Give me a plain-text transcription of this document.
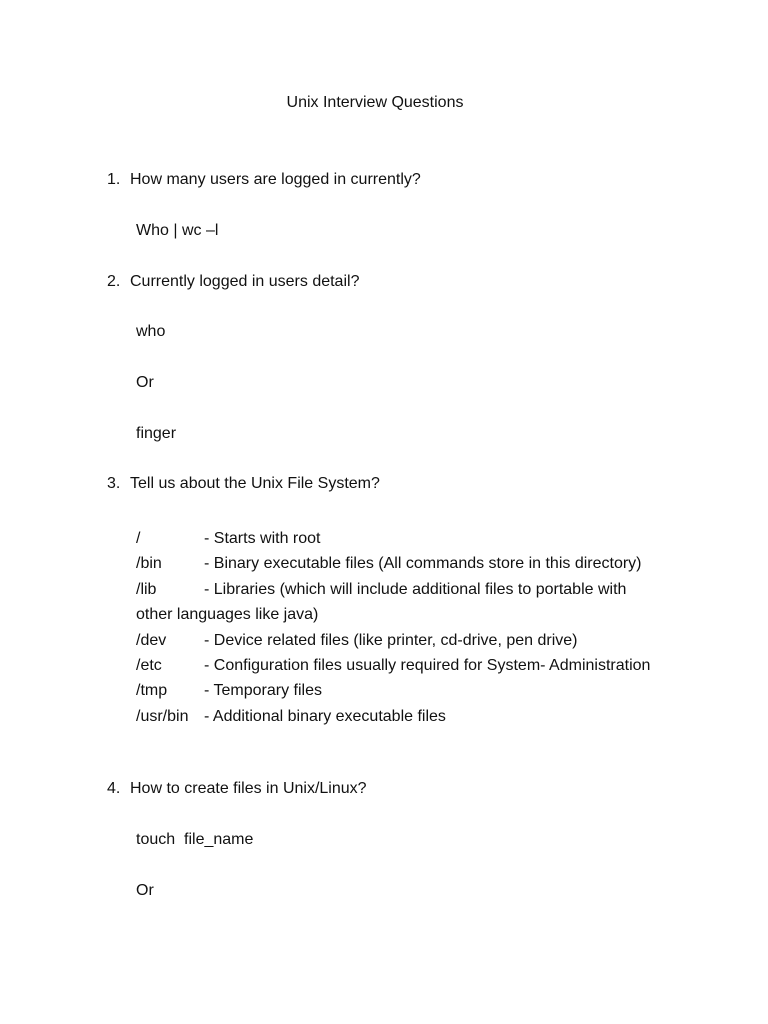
Unix Interview Questions
1. How many users are logged in currently?
Who | wc –l
2. Currently logged in users detail?
who
Or
finger
3. Tell us about the Unix File System?
/	- Starts with root
/bin	- Binary executable files (All commands store in this directory)
/lib	- Libraries (which will include additional files to portable with
other languages like java)
/dev	- Device related files (like printer, cd-drive, pen drive)
/etc	- Configuration files usually required for System- Administration
/tmp	- Temporary files
/usr/bin - Additional binary executable files
4. How to create files in Unix/Linux?
touch  file_name
Or
